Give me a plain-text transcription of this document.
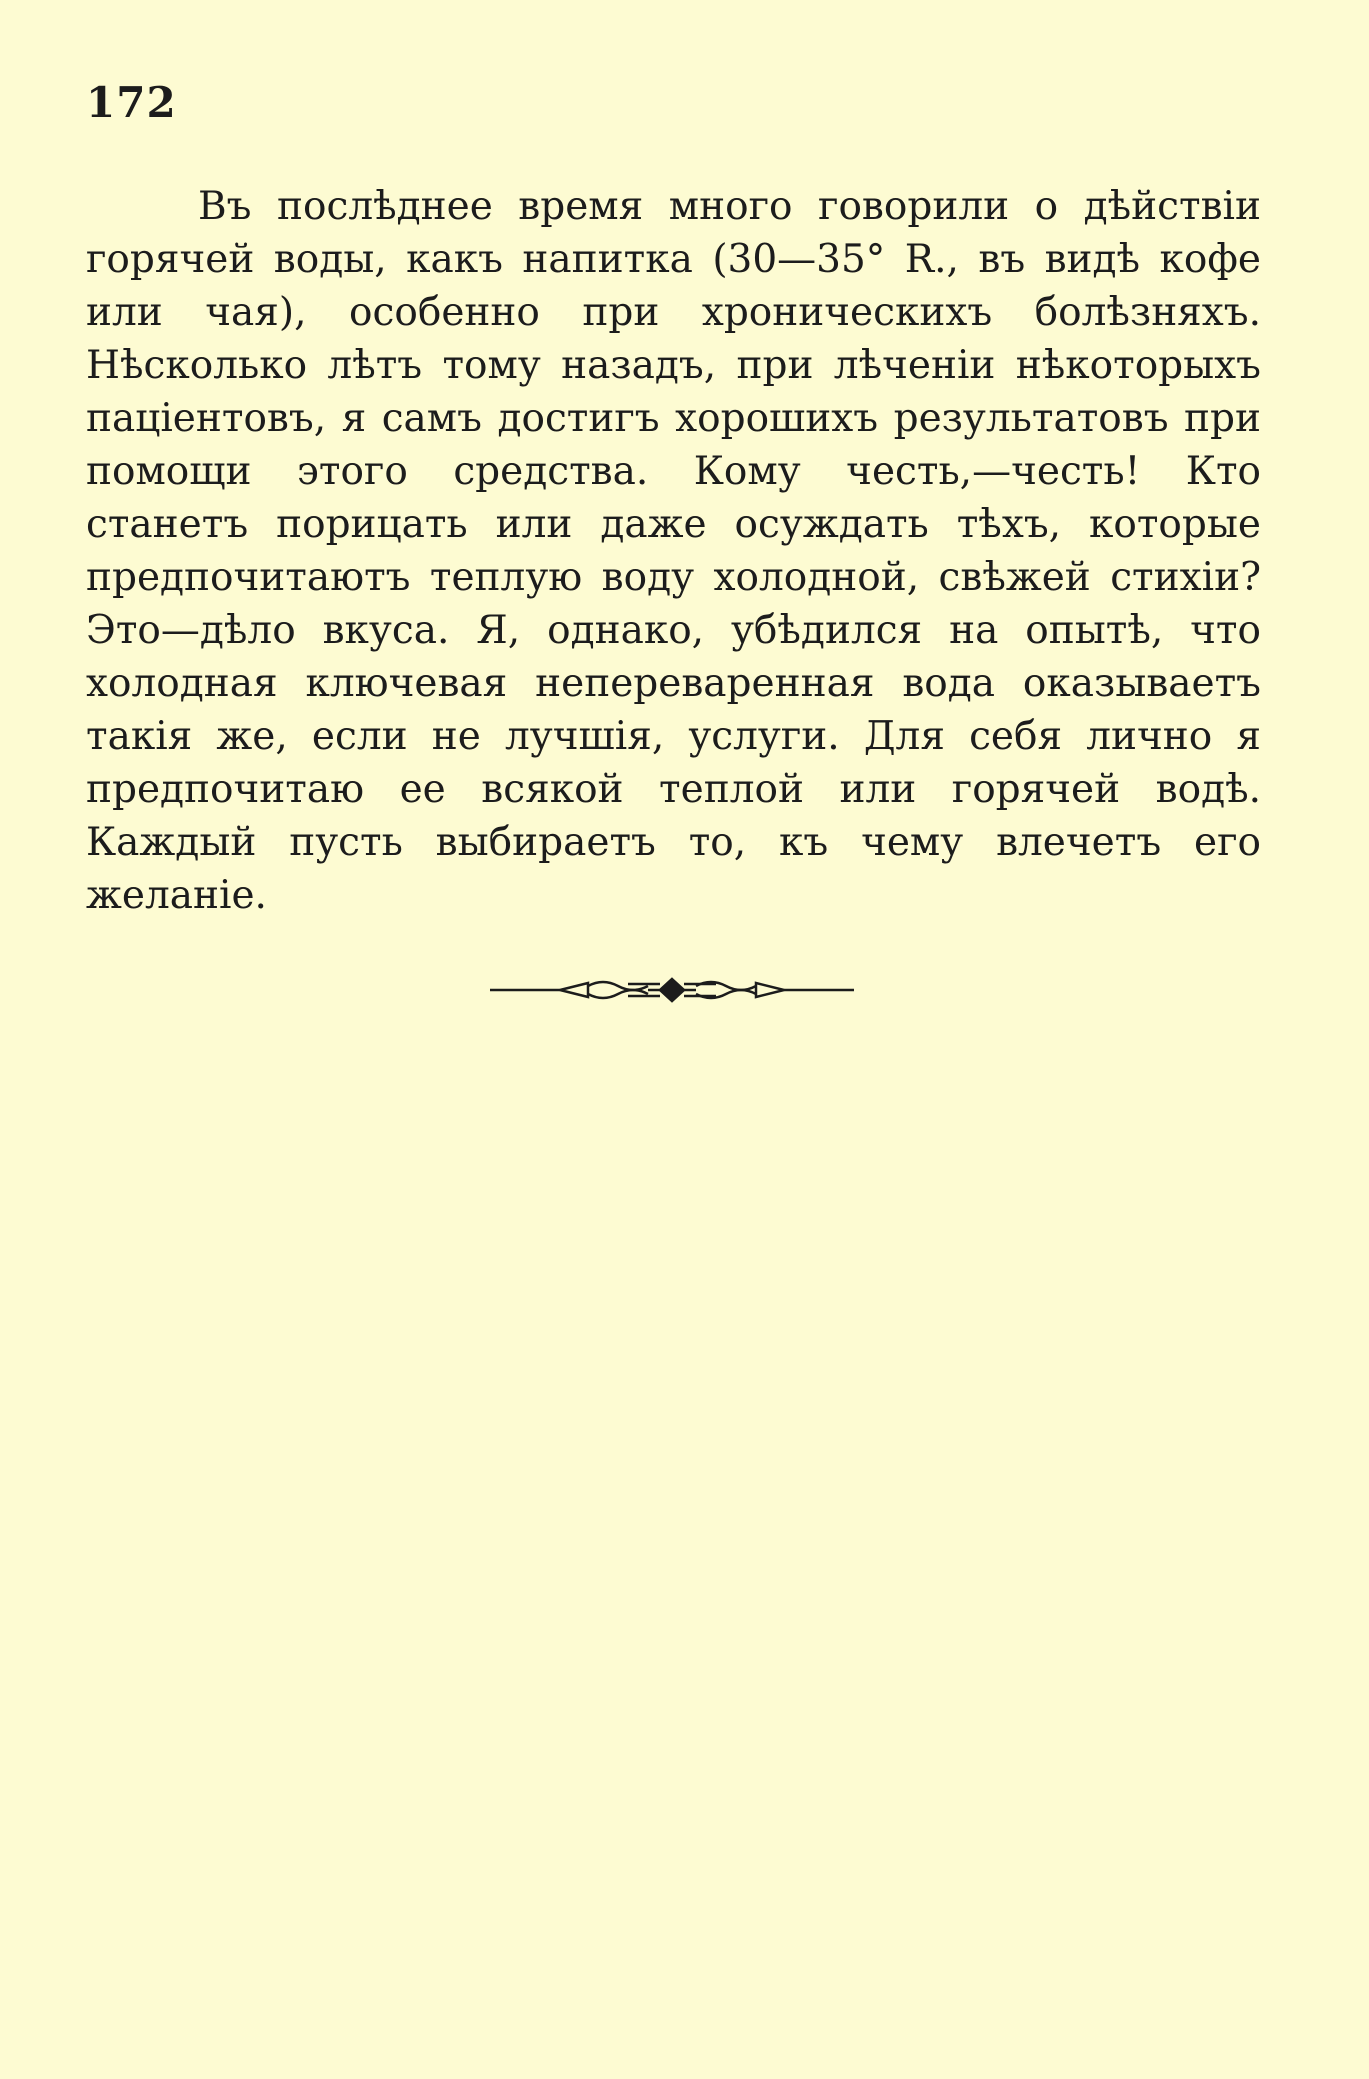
172

Въ послѣднее время много говорили о дѣйствіи горячей воды, какъ напитка (30—35° R., въ видѣ кофе или чая), особенно при хроническихъ болѣзняхъ. Нѣсколько лѣтъ тому назадъ, при лѣченіи нѣкоторыхъ паціентовъ, я самъ достигъ хорошихъ результатовъ при помощи этого средства. Кому честь,—честь! Кто станетъ порицать или даже осуждать тѣхъ, которые предпочитаютъ теплую воду холодной, свѣжей стихіи? Это—дѣло вкуса. Я, однако, убѣдился на опытѣ, что холодная ключевая непереваренная вода оказываетъ такія же, если не лучшія, услуги. Для себя лично я предпочитаю ее всякой теплой или горячей водѣ. Каждый пусть выбираетъ то, къ чему влечетъ его желаніе.
